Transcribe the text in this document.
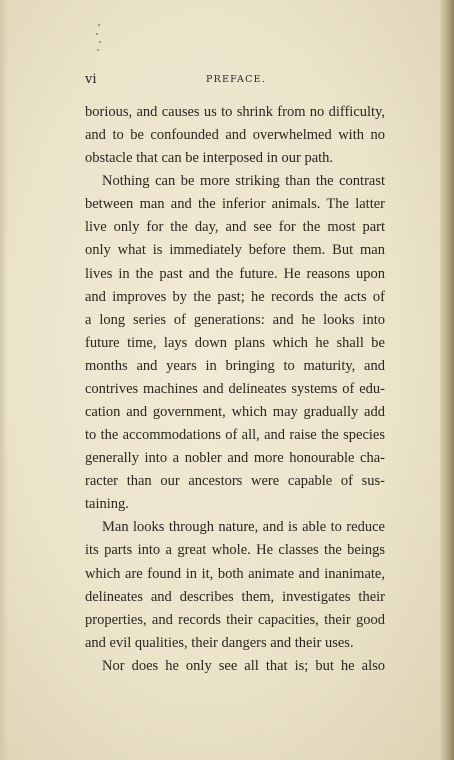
vi	PREFACE.
borious, and causes us to shrink from no difficulty,
and to be confounded and overwhelmed with no
obstacle that can be interposed in our path.
Nothing can be more striking than the contrast
between man and the inferior animals. The latter
live only for the day, and see for the most part
only what is immediately before them. But man
lives in the past and the future. He reasons upon
and improves by the past; he records the acts of
a long series of generations: and he looks into
future time, lays down plans which he shall be
months and years in bringing to maturity, and
contrives machines and delineates systems of edu-
cation and government, which may gradually add
to the accommodations of all, and raise the species
generally into a nobler and more honourable cha-
racter than our ancestors were capable of sus-
taining.
Man looks through nature, and is able to reduce
its parts into a great whole. He classes the beings
which are found in it, both animate and inanimate,
delineates and describes them, investigates their
properties, and records their capacities, their good
and evil qualities, their dangers and their uses.
Nor does he only see all that is; but he also
